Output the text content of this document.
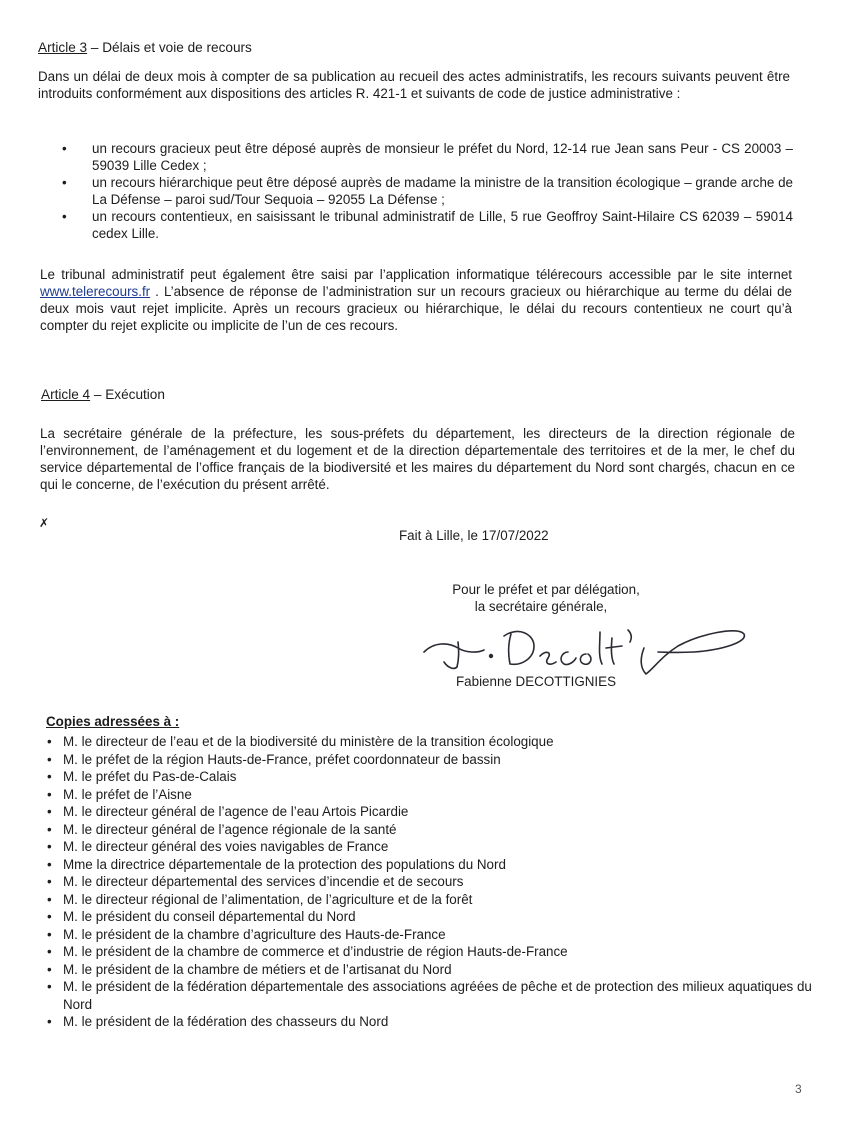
Article 3 – Délais et voie de recours
Dans un délai de deux mois à compter de sa publication au recueil des actes administratifs, les recours suivants peuvent être introduits conformément aux dispositions des articles R. 421-1 et suivants de code de justice administrative :
• un recours gracieux peut être déposé auprès de monsieur le préfet du Nord, 12-14 rue Jean sans Peur - CS 20003 – 59039 Lille Cedex ;
• un recours hiérarchique peut être déposé auprès de madame la ministre de la transition écologique – grande arche de La Défense – paroi sud/Tour Sequoia – 92055 La Défense ;
• un recours contentieux, en saisissant le tribunal administratif de Lille, 5 rue Geoffroy Saint-Hilaire CS 62039 – 59014 cedex Lille.
Le tribunal administratif peut également être saisi par l’application informatique télérecours accessible par le site internet www.telerecours.fr . L’absence de réponse de l’administration sur un recours gracieux ou hiérarchique au terme du délai de deux mois vaut rejet implicite. Après un recours gracieux ou hiérarchique, le délai du recours contentieux ne court qu’à compter du rejet explicite ou implicite de l’un de ces recours.
Article 4 – Exécution
La secrétaire générale de la préfecture, les sous-préfets du département, les directeurs de la direction régionale de l’environnement, de l’aménagement et du logement et de la direction départementale des territoires et de la mer, le chef du service départemental de l’office français de la biodiversité et les maires du département du Nord sont chargés, chacun en ce qui le concerne, de l’exécution du présent arrêté.
✗
Fait à Lille, le 17/07/2022
Pour le préfet et par délégation,
la secrétaire générale,
Fabienne DECOTTIGNIES
Copies adressées à :
• M. le directeur de l’eau et de la biodiversité du ministère de la transition écologique
• M. le préfet de la région Hauts-de-France, préfet coordonnateur de bassin
• M. le préfet du Pas-de-Calais
• M. le préfet de l’Aisne
• M. le directeur général de l’agence de l’eau Artois Picardie
• M. le directeur général de l’agence régionale de la santé
• M. le directeur général des voies navigables de France
• Mme la directrice départementale de la protection des populations du Nord
• M. le directeur départemental des services d’incendie et de secours
• M. le directeur régional de l’alimentation, de l’agriculture et de la forêt
• M. le président du conseil départemental du Nord
• M. le président de la chambre d’agriculture des Hauts-de-France
• M. le président de la chambre de commerce et d’industrie de région Hauts-de-France
• M. le président de la chambre de métiers et de l’artisanat du Nord
• M. le président de la fédération départementale des associations agréées de pêche et de protection des milieux aquatiques du Nord
• M. le président de la fédération des chasseurs du Nord
3
